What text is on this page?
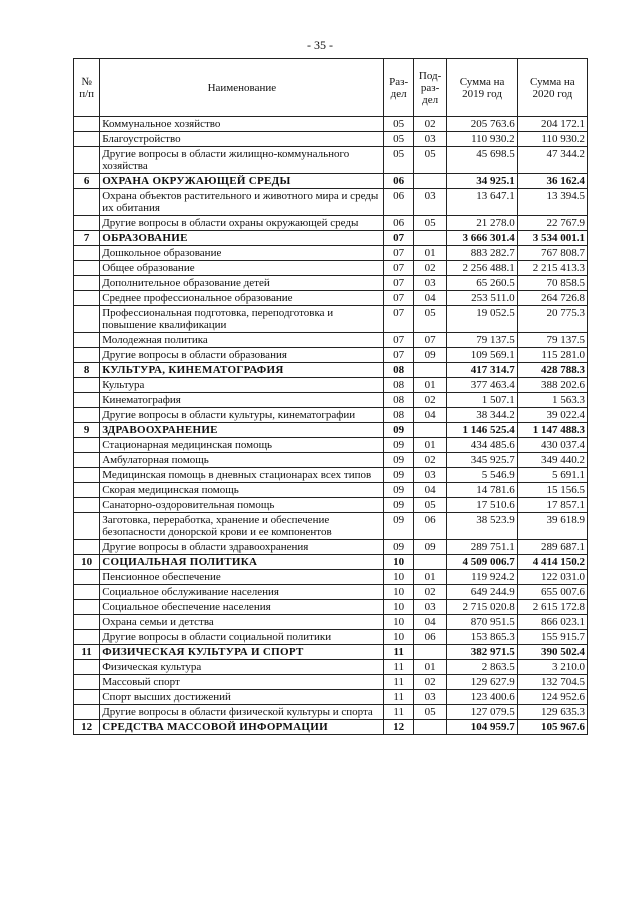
- 35 -
№ п/п	Наименование	Раз- дел	Под- раз- дел	Сумма на 2019 год	Сумма на 2020 год
	Коммунальное хозяйство	05	02	205 763.6	204 172.1
	Благоустройство	05	03	110 930.2	110 930.2
	Другие вопросы в области жилищно-коммунального хозяйства	05	05	45 698.5	47 344.2
6	ОХРАНА ОКРУЖАЮЩЕЙ СРЕДЫ	06		34 925.1	36 162.4
	Охрана объектов растительного и животного мира и среды их обитания	06	03	13 647.1	13 394.5
	Другие вопросы в области охраны окружающей среды	06	05	21 278.0	22 767.9
7	ОБРАЗОВАНИЕ	07		3 666 301.4	3 534 001.1
	Дошкольное образование	07	01	883 282.7	767 808.7
	Общее образование	07	02	2 256 488.1	2 215 413.3
	Дополнительное образование детей	07	03	65 260.5	70 858.5
	Среднее профессиональное образование	07	04	253 511.0	264 726.8
	Профессиональная подготовка, переподготовка и повышение квалификации	07	05	19 052.5	20 775.3
	Молодежная политика	07	07	79 137.5	79 137.5
	Другие вопросы в области образования	07	09	109 569.1	115 281.0
8	КУЛЬТУРА, КИНЕМАТОГРАФИЯ	08		417 314.7	428 788.3
	Культура	08	01	377 463.4	388 202.6
	Кинематография	08	02	1 507.1	1 563.3
	Другие вопросы в области культуры, кинематографии	08	04	38 344.2	39 022.4
9	ЗДРАВООХРАНЕНИЕ	09		1 146 525.4	1 147 488.3
	Стационарная медицинская помощь	09	01	434 485.6	430 037.4
	Амбулаторная помощь	09	02	345 925.7	349 440.2
	Медицинская помощь в дневных стационарах всех типов	09	03	5 546.9	5 691.1
	Скорая медицинская помощь	09	04	14 781.6	15 156.5
	Санаторно-оздоровительная помощь	09	05	17 510.6	17 857.1
	Заготовка, переработка, хранение и обеспечение безопасности донорской крови и ее компонентов	09	06	38 523.9	39 618.9
	Другие вопросы в области здравоохранения	09	09	289 751.1	289 687.1
10	СОЦИАЛЬНАЯ ПОЛИТИКА	10		4 509 006.7	4 414 150.2
	Пенсионное обеспечение	10	01	119 924.2	122 031.0
	Социальное обслуживание населения	10	02	649 244.9	655 007.6
	Социальное обеспечение населения	10	03	2 715 020.8	2 615 172.8
	Охрана семьи и детства	10	04	870 951.5	866 023.1
	Другие вопросы в области социальной политики	10	06	153 865.3	155 915.7
11	ФИЗИЧЕСКАЯ КУЛЬТУРА И СПОРТ	11		382 971.5	390 502.4
	Физическая культура	11	01	2 863.5	3 210.0
	Массовый спорт	11	02	129 627.9	132 704.5
	Спорт высших достижений	11	03	123 400.6	124 952.6
	Другие вопросы в области физической культуры и спорта	11	05	127 079.5	129 635.3
12	СРЕДСТВА МАССОВОЙ ИНФОРМАЦИИ	12		104 959.7	105 967.6
